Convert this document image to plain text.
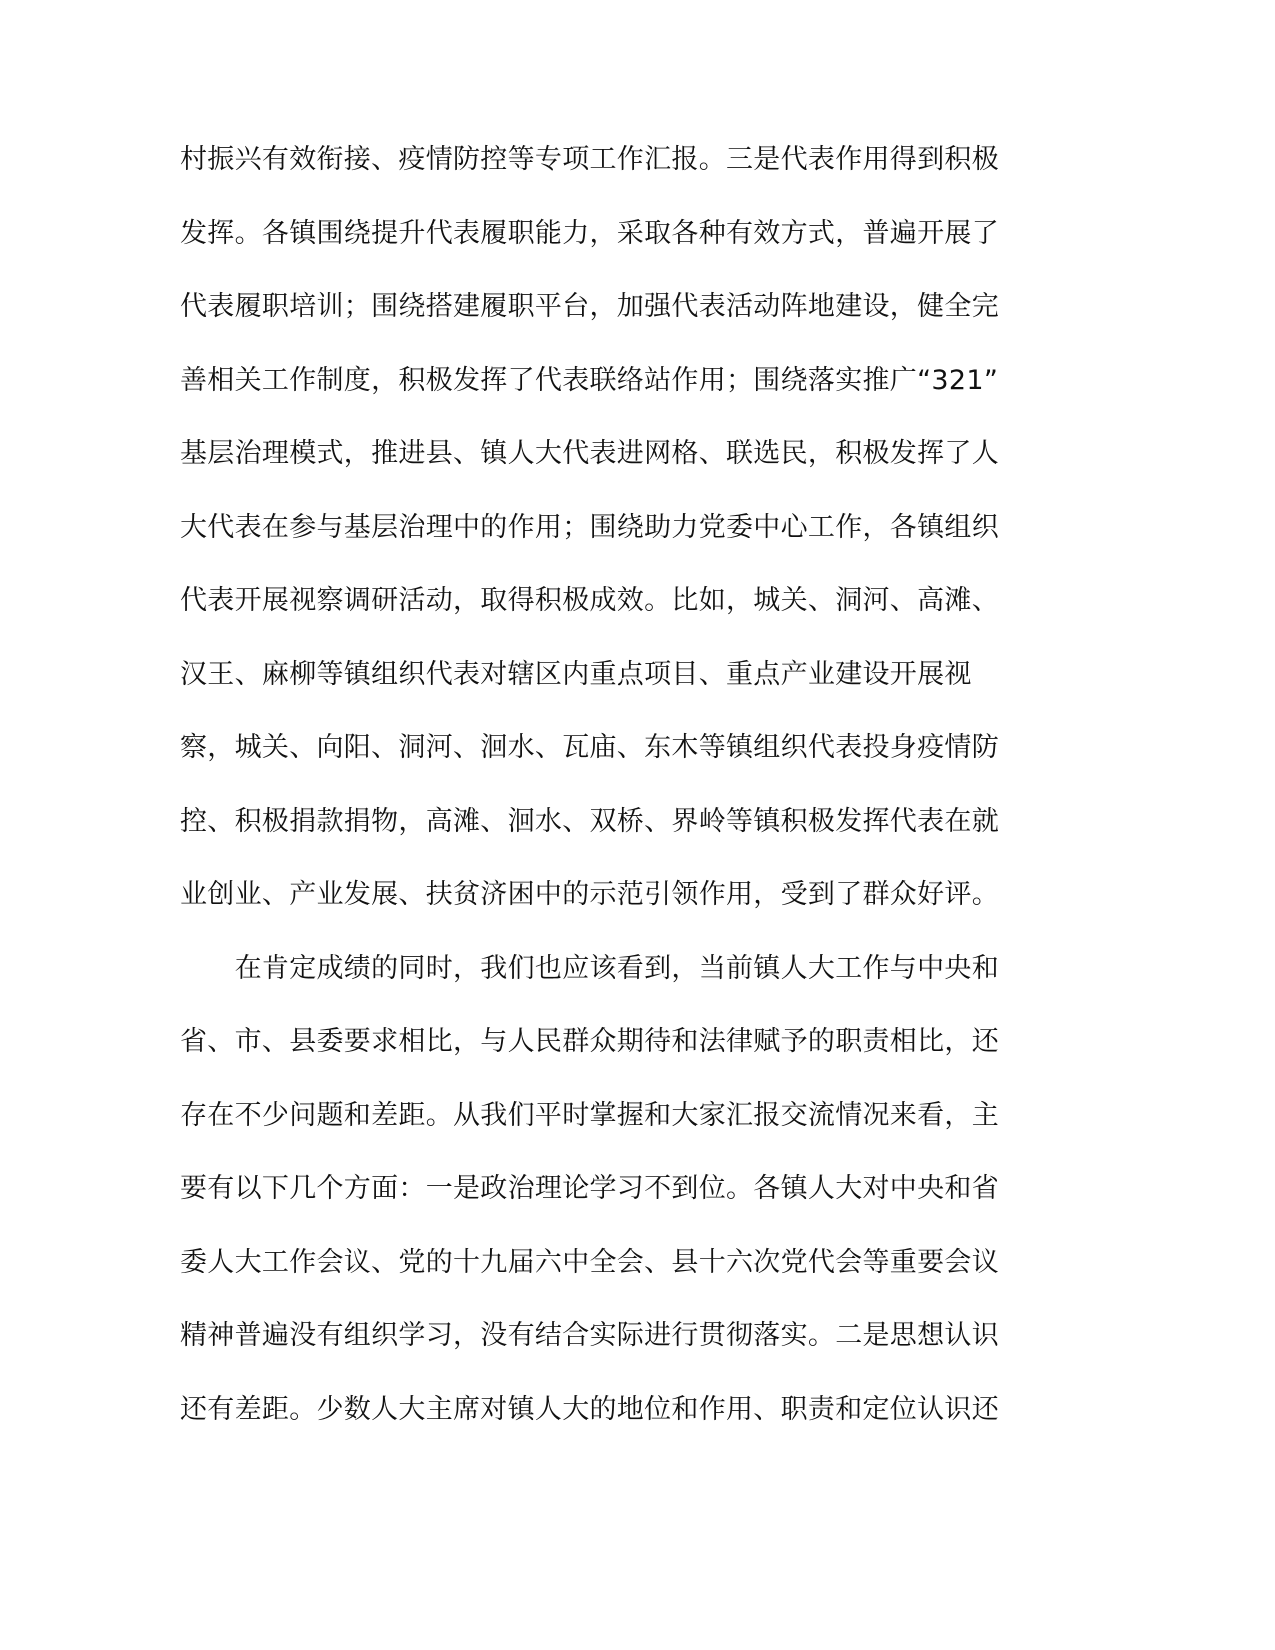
村振兴有效衔接、疫情防控等专项工作汇报。三是代表作用得到积极
发挥。各镇围绕提升代表履职能力，采取各种有效方式，普遍开展了
代表履职培训；围绕搭建履职平台，加强代表活动阵地建设，健全完
善相关工作制度，积极发挥了代表联络站作用；围绕落实推广“321”
基层治理模式，推进县、镇人大代表进网格、联选民，积极发挥了人
大代表在参与基层治理中的作用；围绕助力党委中心工作，各镇组织
代表开展视察调研活动，取得积极成效。比如，城关、洞河、高滩、
汉王、麻柳等镇组织代表对辖区内重点项目、重点产业建设开展视
察，城关、向阳、洞河、洄水、瓦庙、东木等镇组织代表投身疫情防
控、积极捐款捐物，高滩、洄水、双桥、界岭等镇积极发挥代表在就
业创业、产业发展、扶贫济困中的示范引领作用，受到了群众好评。
　　在肯定成绩的同时，我们也应该看到，当前镇人大工作与中央和
省、市、县委要求相比，与人民群众期待和法律赋予的职责相比，还
存在不少问题和差距。从我们平时掌握和大家汇报交流情况来看，主
要有以下几个方面：一是政治理论学习不到位。各镇人大对中央和省
委人大工作会议、党的十九届六中全会、县十六次党代会等重要会议
精神普遍没有组织学习，没有结合实际进行贯彻落实。二是思想认识
还有差距。少数人大主席对镇人大的地位和作用、职责和定位认识还
